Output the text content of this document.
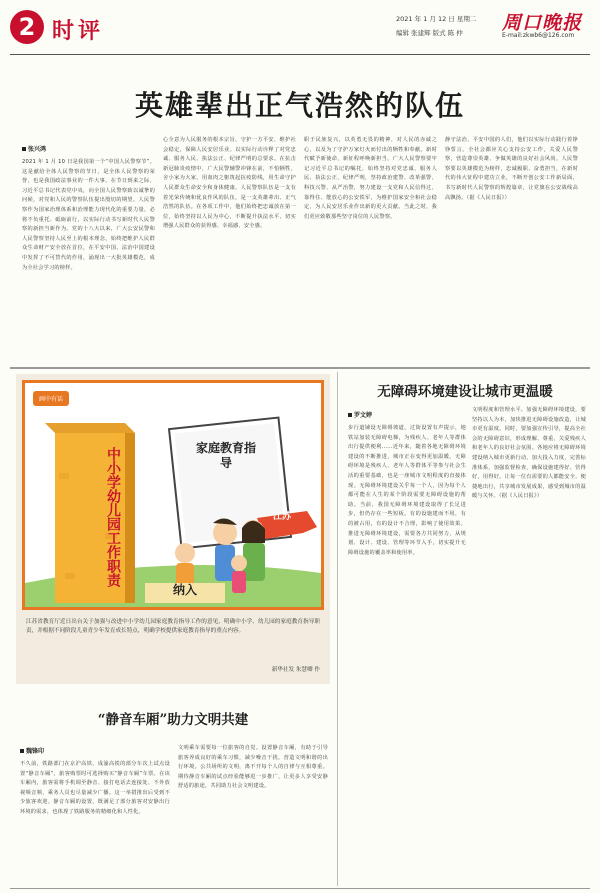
2 时评	2021 年 1 月 12 日 星期二
编辑 张建辉 版式 陈 仲 周口晚报
E-mail:zkwb6@126.com
英雄辈出正气浩然的队伍
张兴鸿
2021 年 1 月 10 日是我国第一个“中国人民警察节”。这是献给全体人民警察的节日，是全体人民警察的荣誉，也是我国政法事业的一件大事。在节日到来之际，习近平总书记代表党中央，向全国人民警察致以诚挚的问候，对党和人民的警察队伍提出殷切的期望。人民警察作为国家治理体系和治理能力现代化的重要力量，必将不负重托、砥砺前行，以实际行动书写新时代人民警察的新担当新作为。党的十八大以来，广大公安民警和人民警察坚持人民至上的根本理念，始终把维护人民群众生命财产安全放在首位，在平安中国、法治中国建设中发挥了不可替代的作用，涌现出一大批英雄模范，成为全社会学习的榜样。
心全意为人民服务的根本宗旨，守护一方平安，维护社会稳定，保障人民安居乐业。以实际行动诠释了对党忠诚、服务人民、执法公正、纪律严明的总要求。在抗击新冠肺炎疫情中，广大民警辅警冲锋在前，不怕牺牲，舍小家为大家，用血肉之躯筑起抗疫防线，用生命守护人民群众生命安全和身体健康。人民警察队伍是一支有着光荣传统和优良作风的队伍，是一支英雄辈出、正气浩然的队伍。在各项工作中，他们始终把忠诚放在第一位，始终坚持以人民为中心，不断提升执法水平，切实增强人民群众的获得感、幸福感、安全感。
职于民族复兴，以英勇无畏的精神，对人民的赤诚之心，以及为了守护万家灯火而付出的牺牲和奉献。新时代赋予新使命，新征程呼唤新担当。广大人民警察要牢记习近平总书记的嘱托，始终坚持对党忠诚、服务人民、执法公正、纪律严明，坚持政治建警、改革强警、科技兴警、从严治警，努力建设一支党和人民信得过、靠得住、能放心的公安铁军，为维护国家安全和社会稳定、为人民安居乐业作出新的更大贡献。当此之时，我们更应致敬那些坚守岗位的人民警察。
静守法治、平安中国的人们，他们以实际行动践行着铮铮誓言。全社会都应关心支持公安工作，关爱人民警察，营造尊崇英雄、争做英雄的良好社会风尚。人民警察要以英雄模范为榜样，忠诚履职、奋勇担当，在新时代的伟大征程中建功立业，不断开创公安工作新局面，书写新时代人民警察的辉煌篇章，让党旗在公安战线高高飘扬。（据《人民日报》）
画中有话
中小学幼儿园工作职责	家庭教育指导
江苏
纳入
江苏省教育厅近日出台关于加强与改进中小学幼儿园家庭教育指导工作的意见，明确中小学、幼儿园的家庭教育指导职责，并根据不同阶段儿童青少年发育成长特点，明确学校提供家庭教育指导的重点内容。
新华社发 朱慧卿 作
无障碍环境建设让城市更温暖
罗文婷
步行道铺设无障碍坡道，过街设置有声提示，地铁站加装无障碍电梯，为残疾人、老年人等群体出行提供便利……近年来，随着各地无障碍环境建设的不断推进，城市正在变得更加温暖。无障碍环境是残疾人、老年人等群体平等参与社会生活的重要基础，也是一座城市文明程度的直接体现。无障碍环境建设关乎每一个人，因为每个人都可能在人生的某个阶段需要无障碍设施的帮助。当前，我国无障碍环境建设取得了长足进步，但仍存在一些短板。有的设施建而不用，有的被占用，有的设计不合理，影响了使用效果。推进无障碍环境建设，需要各方共同努力，从规划、设计、建设、管理等环节入手，切实提升无障碍设施的覆盖率和使用率。
文明程度和管理水平。加强无障碍环境建设，要坚持以人为本，加快推进无障碍设施改造，让城市更有温度。同时，要加强宣传引导，提高全社会的无障碍意识，形成理解、尊重、关爱残疾人和老年人的良好社会氛围。各地应将无障碍环境建设纳入城市更新行动，加大投入力度，完善标准体系，加强监督检查，确保设施建得好、管得好、用得好。让每一位有需要的人都能安全、便捷地出行，共享城市发展成果，感受到城市的温暖与关怀。（据《人民日报》）
“静音车厢”助力文明共建
魏锋印
不久前，铁路部门在京沪高铁、成渝高铁的部分车次上试点设置“静音车厢”，旅客购票时可选择购买“静音车厢”车票。在该车厢内，旅客需将手机调至静音、接打电话去连接处、不外放视频音频，乘务人员也尽量减少广播。这一举措推出后受到不少旅客欢迎。静音车厢的设置，既满足了部分旅客对安静出行环境的需求，也体现了铁路服务的精细化和人性化。
文明乘车需要每一位旅客的自觉。设置静音车厢，有助于引导旅客养成良好的乘车习惯，减少噪音干扰，营造文明和谐的出行环境。公共场所的文明，离不开每个人的自律与互相尊重。期待静音车厢的试点经验能够进一步推广，让更多人享受安静舒适的旅途，共同助力社会文明建设。
